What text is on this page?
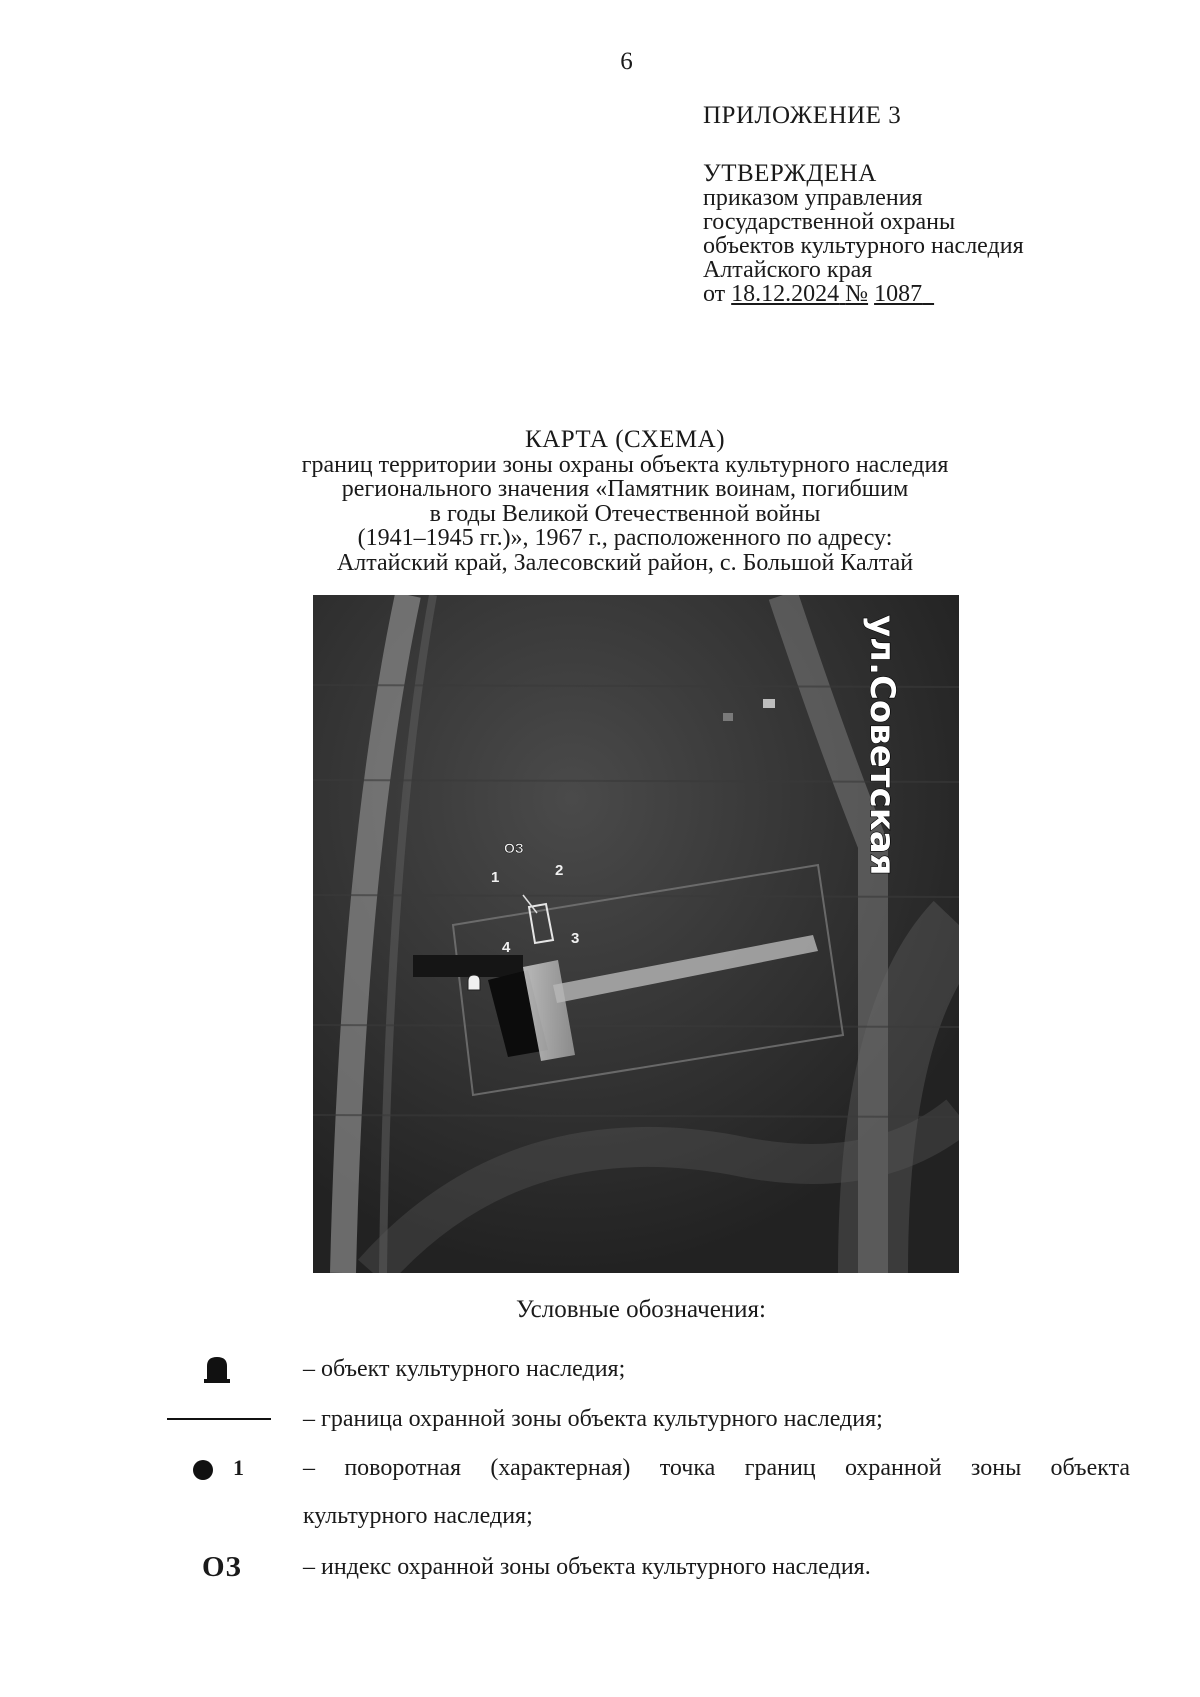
6
ПРИЛОЖЕНИЕ 3
УТВЕРЖДЕНА
приказом управления
государственной охраны
объектов культурного наследия
Алтайского края
от 18.12.2024 № 1087
КАРТА (СХЕМА)
границ территории зоны охраны объекта культурного наследия
регионального значения «Памятник воинам, погибшим
в годы Великой Отечественной войны
(1941–1945 гг.)», 1967 г., расположенного по адресу:
Алтайский край, Залесовский район, с. Большой Калтай
ОЗ
1	2
3
4
ул.Советская
Условные обозначения:
– объект культурного наследия;
– граница охранной зоны объекта культурного наследия;
1 – поворотная (характерная) точка границ охранной зоны объекта
культурного наследия;
ОЗ	– индекс охранной зоны объекта культурного наследия.
